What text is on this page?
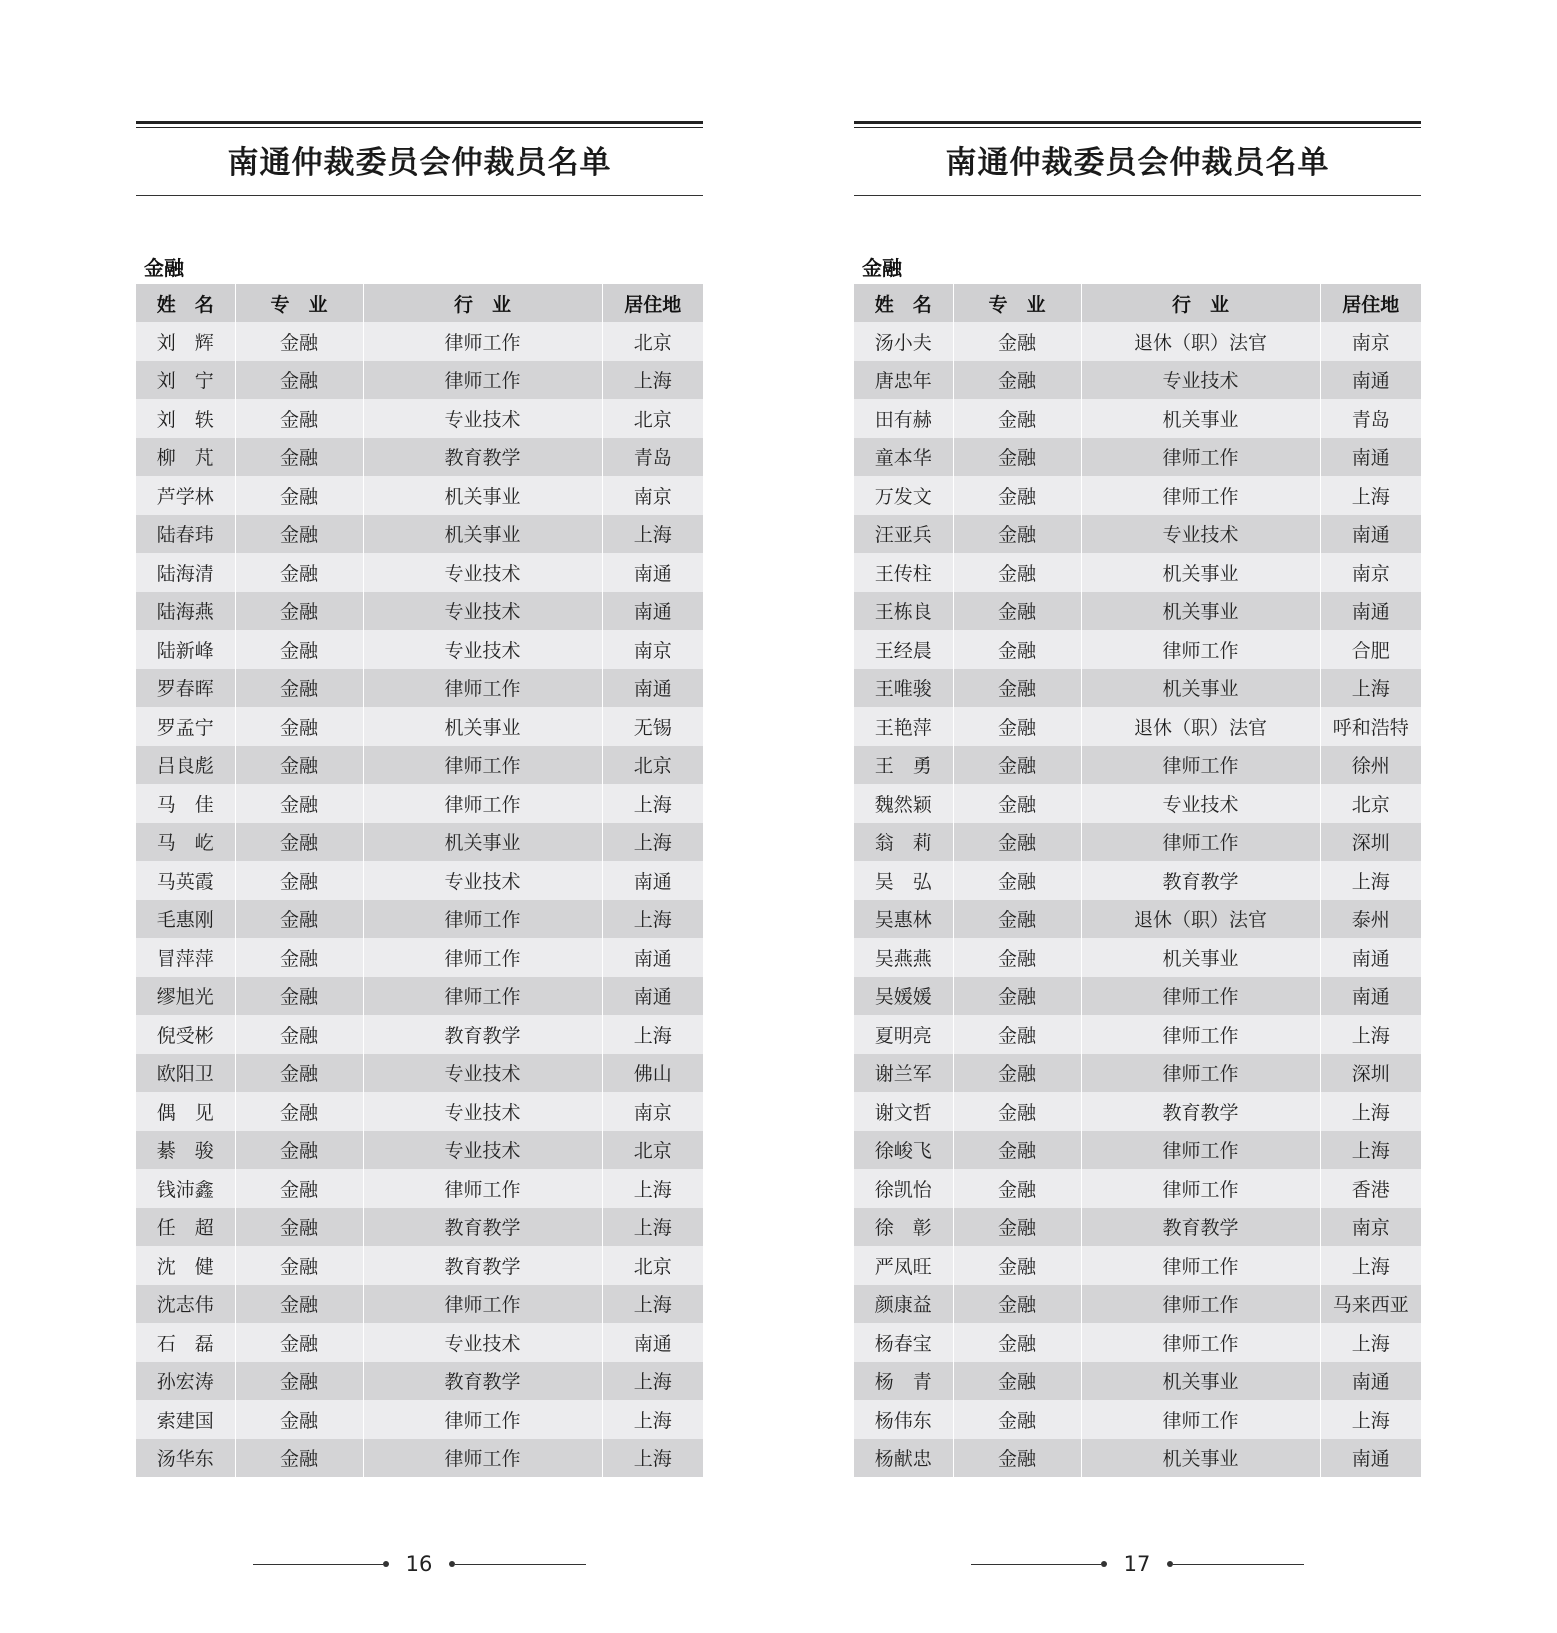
南通仲裁委员会仲裁员名单
金融
姓　名	专　业	行　业	居住地
刘　辉	金融	律师工作	北京
刘　宁	金融	律师工作	上海
刘　轶	金融	专业技术	北京
柳　芃	金融	教育教学	青岛
芦学林	金融	机关事业	南京
陆春玮	金融	机关事业	上海
陆海清	金融	专业技术	南通
陆海燕	金融	专业技术	南通
陆新峰	金融	专业技术	南京
罗春晖	金融	律师工作	南通
罗孟宁	金融	机关事业	无锡
吕良彪	金融	律师工作	北京
马　佳	金融	律师工作	上海
马　屹	金融	机关事业	上海
马英霞	金融	专业技术	南通
毛惠刚	金融	律师工作	上海
冒萍萍	金融	律师工作	南通
缪旭光	金融	律师工作	南通
倪受彬	金融	教育教学	上海
欧阳卫	金融	专业技术	佛山
偶　见	金融	专业技术	南京
綦　骏	金融	专业技术	北京
钱沛鑫	金融	律师工作	上海
任　超	金融	教育教学	上海
沈　健	金融	教育教学	北京
沈志伟	金融	律师工作	上海
石　磊	金融	专业技术	南通
孙宏涛	金融	教育教学	上海
索建国	金融	律师工作	上海
汤华东	金融	律师工作	上海
16
南通仲裁委员会仲裁员名单
金融
姓　名	专　业	行　业	居住地
汤小夫	金融	退休（职）法官	南京
唐忠年	金融	专业技术	南通
田有赫	金融	机关事业	青岛
童本华	金融	律师工作	南通
万发文	金融	律师工作	上海
汪亚兵	金融	专业技术	南通
王传柱	金融	机关事业	南京
王栋良	金融	机关事业	南通
王经晨	金融	律师工作	合肥
王唯骏	金融	机关事业	上海
王艳萍	金融	退休（职）法官	呼和浩特
王　勇	金融	律师工作	徐州
魏然颖	金融	专业技术	北京
翁　莉	金融	律师工作	深圳
吴　弘	金融	教育教学	上海
吴惠林	金融	退休（职）法官	泰州
吴燕燕	金融	机关事业	南通
吴媛媛	金融	律师工作	南通
夏明亮	金融	律师工作	上海
谢兰军	金融	律师工作	深圳
谢文哲	金融	教育教学	上海
徐峻飞	金融	律师工作	上海
徐凯怡	金融	律师工作	香港
徐　彰	金融	教育教学	南京
严凤旺	金融	律师工作	上海
颜康益	金融	律师工作	马来西亚
杨春宝	金融	律师工作	上海
杨　青	金融	机关事业	南通
杨伟东	金融	律师工作	上海
杨献忠	金融	机关事业	南通
17
